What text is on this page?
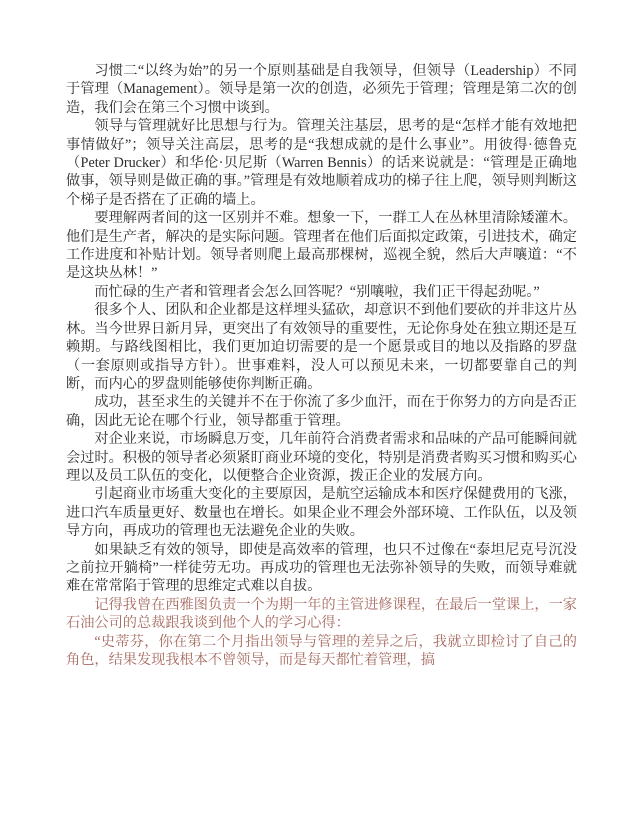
习惯二“以终为始”的另一个原则基础是自我领导，但领导（Leadership）不同于管理（Management）。领导是第一次的创造，必须先于管理；管理是第二次的创造，我们会在第三个习惯中谈到。

领导与管理就好比思想与行为。管理关注基层，思考的是“怎样才能有效地把事情做好”；领导关注高层，思考的是“我想成就的是什么事业”。用彼得·德鲁克（Peter Drucker）和华伦·贝尼斯（Warren Bennis）的话来说就是：“管理是正确地做事，领导则是做正确的事。”管理是有效地顺着成功的梯子往上爬，领导则判断这个梯子是否搭在了正确的墙上。

要理解两者间的这一区别并不难。想象一下，一群工人在丛林里清除矮灌木。他们是生产者，解决的是实际问题。管理者在他们后面拟定政策，引进技术，确定工作进度和补贴计划。领导者则爬上最高那棵树，巡视全貌，然后大声嚷道：“不是这块丛林！”

而忙碌的生产者和管理者会怎么回答呢？“别嚷啦，我们正干得起劲呢。”

很多个人、团队和企业都是这样埋头猛砍，却意识不到他们要砍的并非这片丛林。当今世界日新月异，更突出了有效领导的重要性，无论你身处在独立期还是互赖期。与路线图相比，我们更加迫切需要的是一个愿景或目的地以及指路的罗盘（一套原则或指导方针）。世事难料，没人可以预见未来，一切都要靠自己的判断，而内心的罗盘则能够使你判断正确。

成功，甚至求生的关键并不在于你流了多少血汗，而在于你努力的方向是否正确，因此无论在哪个行业，领导都重于管理。

对企业来说，市场瞬息万变，几年前符合消费者需求和品味的产品可能瞬间就会过时。积极的领导者必须紧盯商业环境的变化，特别是消费者购买习惯和购买心理以及员工队伍的变化，以便整合企业资源，拨正企业的发展方向。

引起商业市场重大变化的主要原因，是航空运输成本和医疗保健费用的飞涨，进口汽车质量更好、数量也在增长。如果企业不理会外部环境、工作队伍，以及领导方向，再成功的管理也无法避免企业的失败。

如果缺乏有效的领导，即使是高效率的管理，也只不过像在“泰坦尼克号沉没之前拉开躺椅”一样徒劳无功。再成功的管理也无法弥补领导的失败，而领导难就难在常常陷于管理的思维定式难以自拔。

记得我曾在西雅图负责一个为期一年的主管进修课程，在最后一堂课上，一家石油公司的总裁跟我谈到他个人的学习心得：

“史蒂芬，你在第二个月指出领导与管理的差异之后，我就立即检讨了自己的角色，结果发现我根本不曾领导，而是每天都忙着管理，搞
